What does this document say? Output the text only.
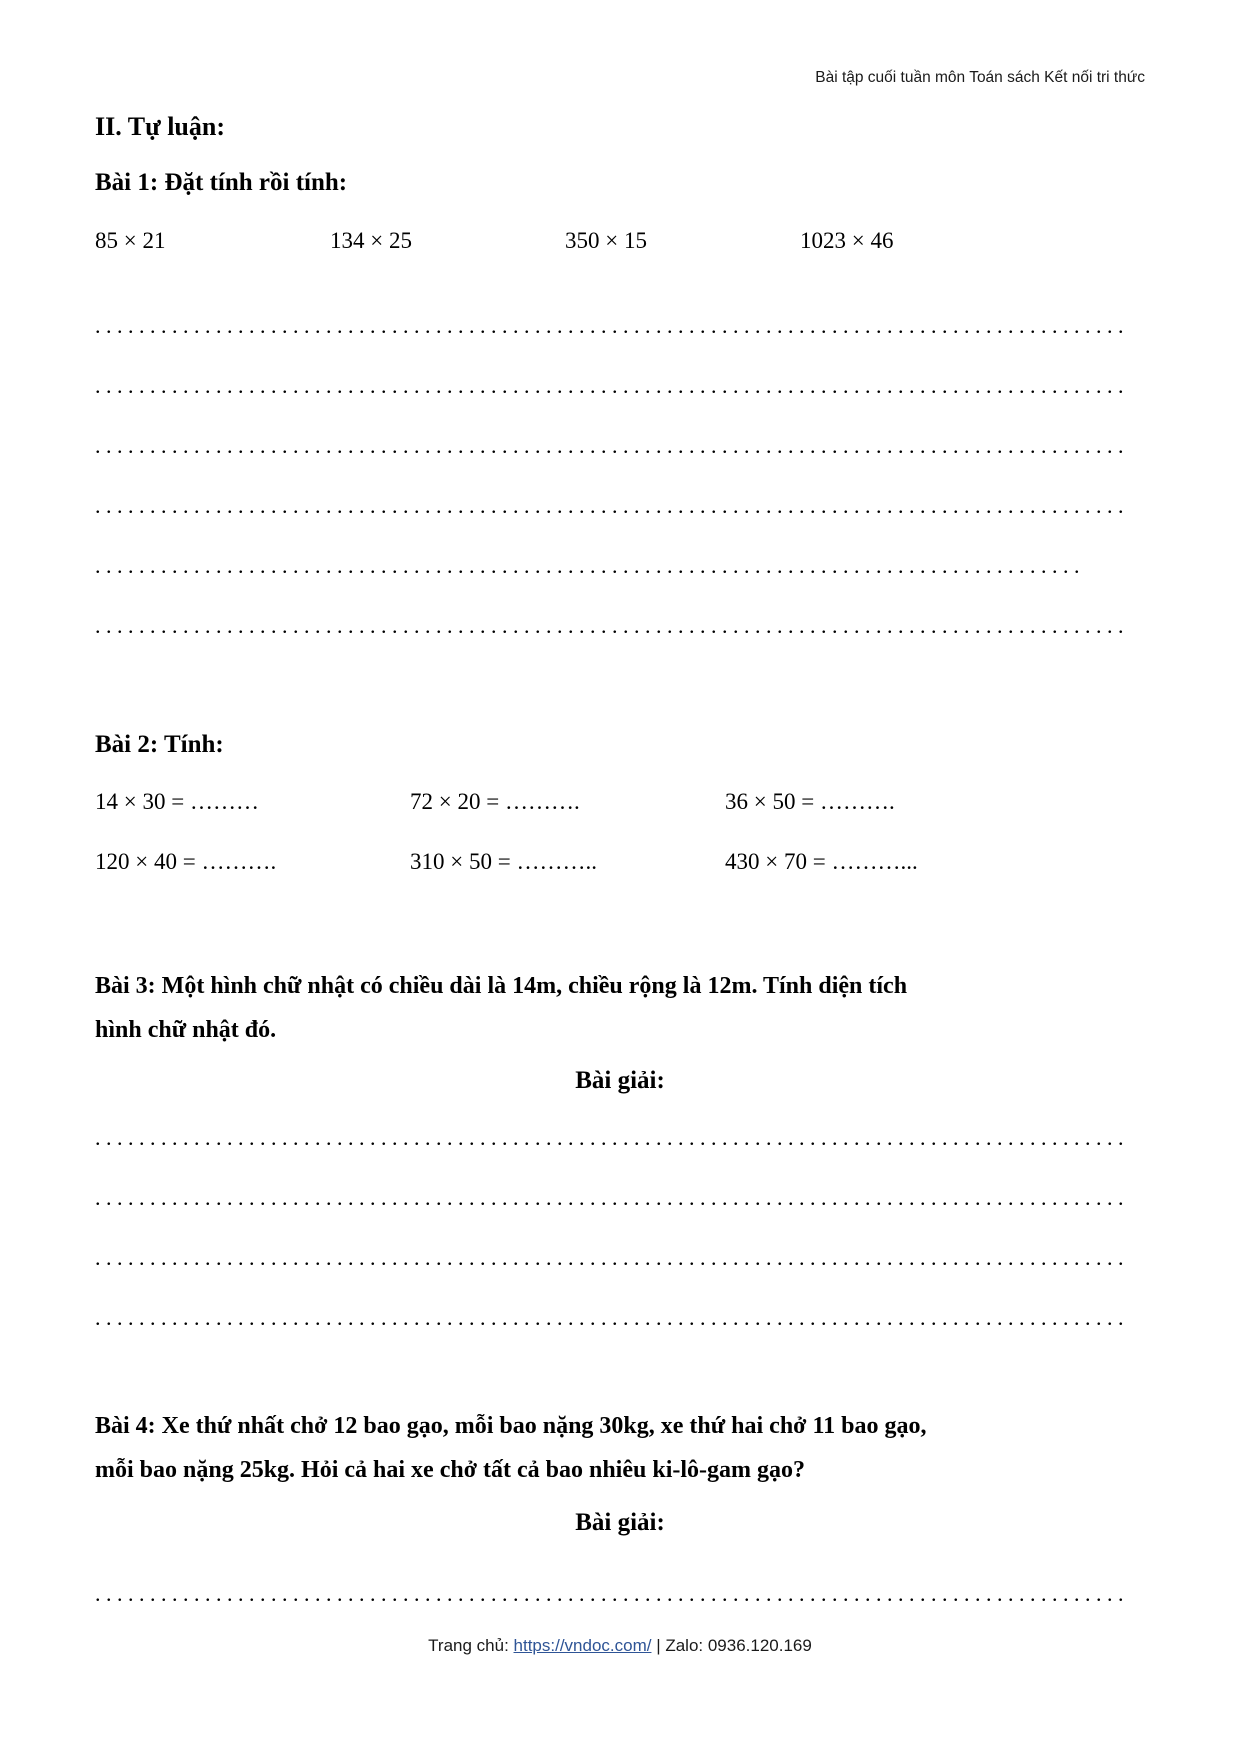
Bài tập cuối tuần môn Toán sách Kết nối tri thức
II. Tự luận:
Bài 1: Đặt tính rồi tính:
85 × 21	134 × 25	350 × 15	1023 × 46
..............................................................................................
..............................................................................................
..............................................................................................
..............................................................................................
..........................................................................................
..............................................................................................
Bài 2: Tính:
14 × 30 = ………	72 × 20 = ……….	36 × 50 = ……….
120 × 40 = ……….	310 × 50 = ………..	430 × 70 = ………...
Bài 3: Một hình chữ nhật có chiều dài là 14m, chiều rộng là 12m. Tính diện tích
hình chữ nhật đó.
Bài giải:
..............................................................................................
..............................................................................................
..............................................................................................
..............................................................................................
Bài 4: Xe thứ nhất chở 12 bao gạo, mỗi bao nặng 30kg, xe thứ hai chở 11 bao gạo,
mỗi bao nặng 25kg. Hỏi cả hai xe chở tất cả bao nhiêu ki-lô-gam gạo?
Bài giải:
..............................................................................................
Trang chủ: https://vndoc.com/ | Zalo: 0936.120.169
